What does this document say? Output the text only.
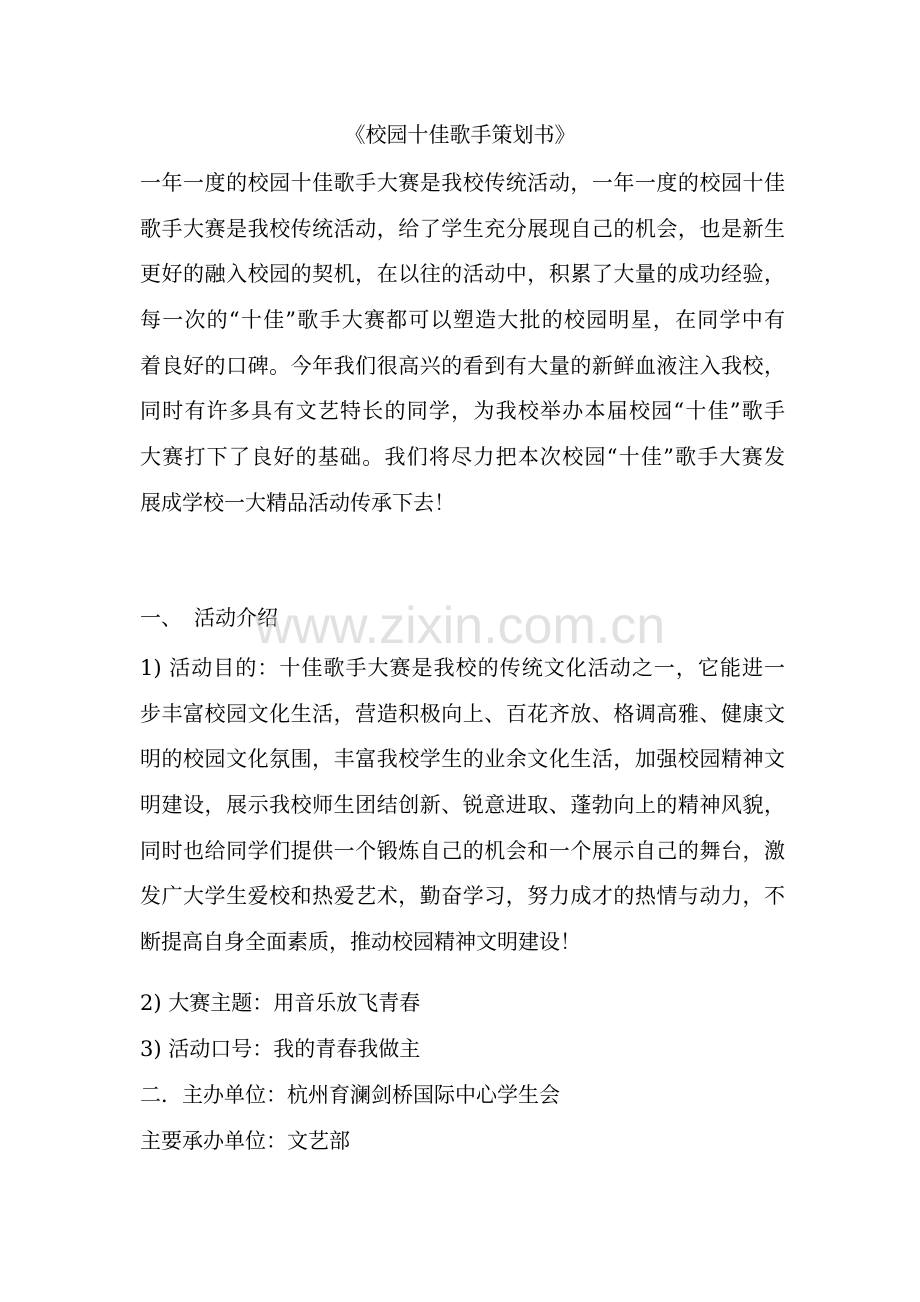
《校园十佳歌手策划书》
一年一度的校园十佳歌手大赛是我校传统活动，一年一度的校园十佳
歌手大赛是我校传统活动，给了学生充分展现自己的机会，也是新生
更好的融入校园的契机，在以往的活动中，积累了大量的成功经验，
每一次的“十佳”歌手大赛都可以塑造大批的校园明星，在同学中有
着良好的口碑。今年我们很高兴的看到有大量的新鲜血液注入我校，
同时有许多具有文艺特长的同学，为我校举办本届校园“十佳”歌手
大赛打下了良好的基础。我们将尽力把本次校园“十佳”歌手大赛发
展成学校一大精品活动传承下去！
一、 活动介绍
1) 活动目的：十佳歌手大赛是我校的传统文化活动之一，它能进一
步丰富校园文化生活，营造积极向上、百花齐放、格调高雅、健康文
明的校园文化氛围，丰富我校学生的业余文化生活，加强校园精神文
明建设，展示我校师生团结创新、锐意进取、蓬勃向上的精神风貌，
同时也给同学们提供一个锻炼自己的机会和一个展示自己的舞台，激
发广大学生爱校和热爱艺术，勤奋学习，努力成才的热情与动力，不
断提高自身全面素质，推动校园精神文明建设！
2) 大赛主题：用音乐放飞青春
3) 活动口号：我的青春我做主
二．主办单位：杭州育澜剑桥国际中心学生会
主要承办单位：文艺部
www.zixin.com.cn
